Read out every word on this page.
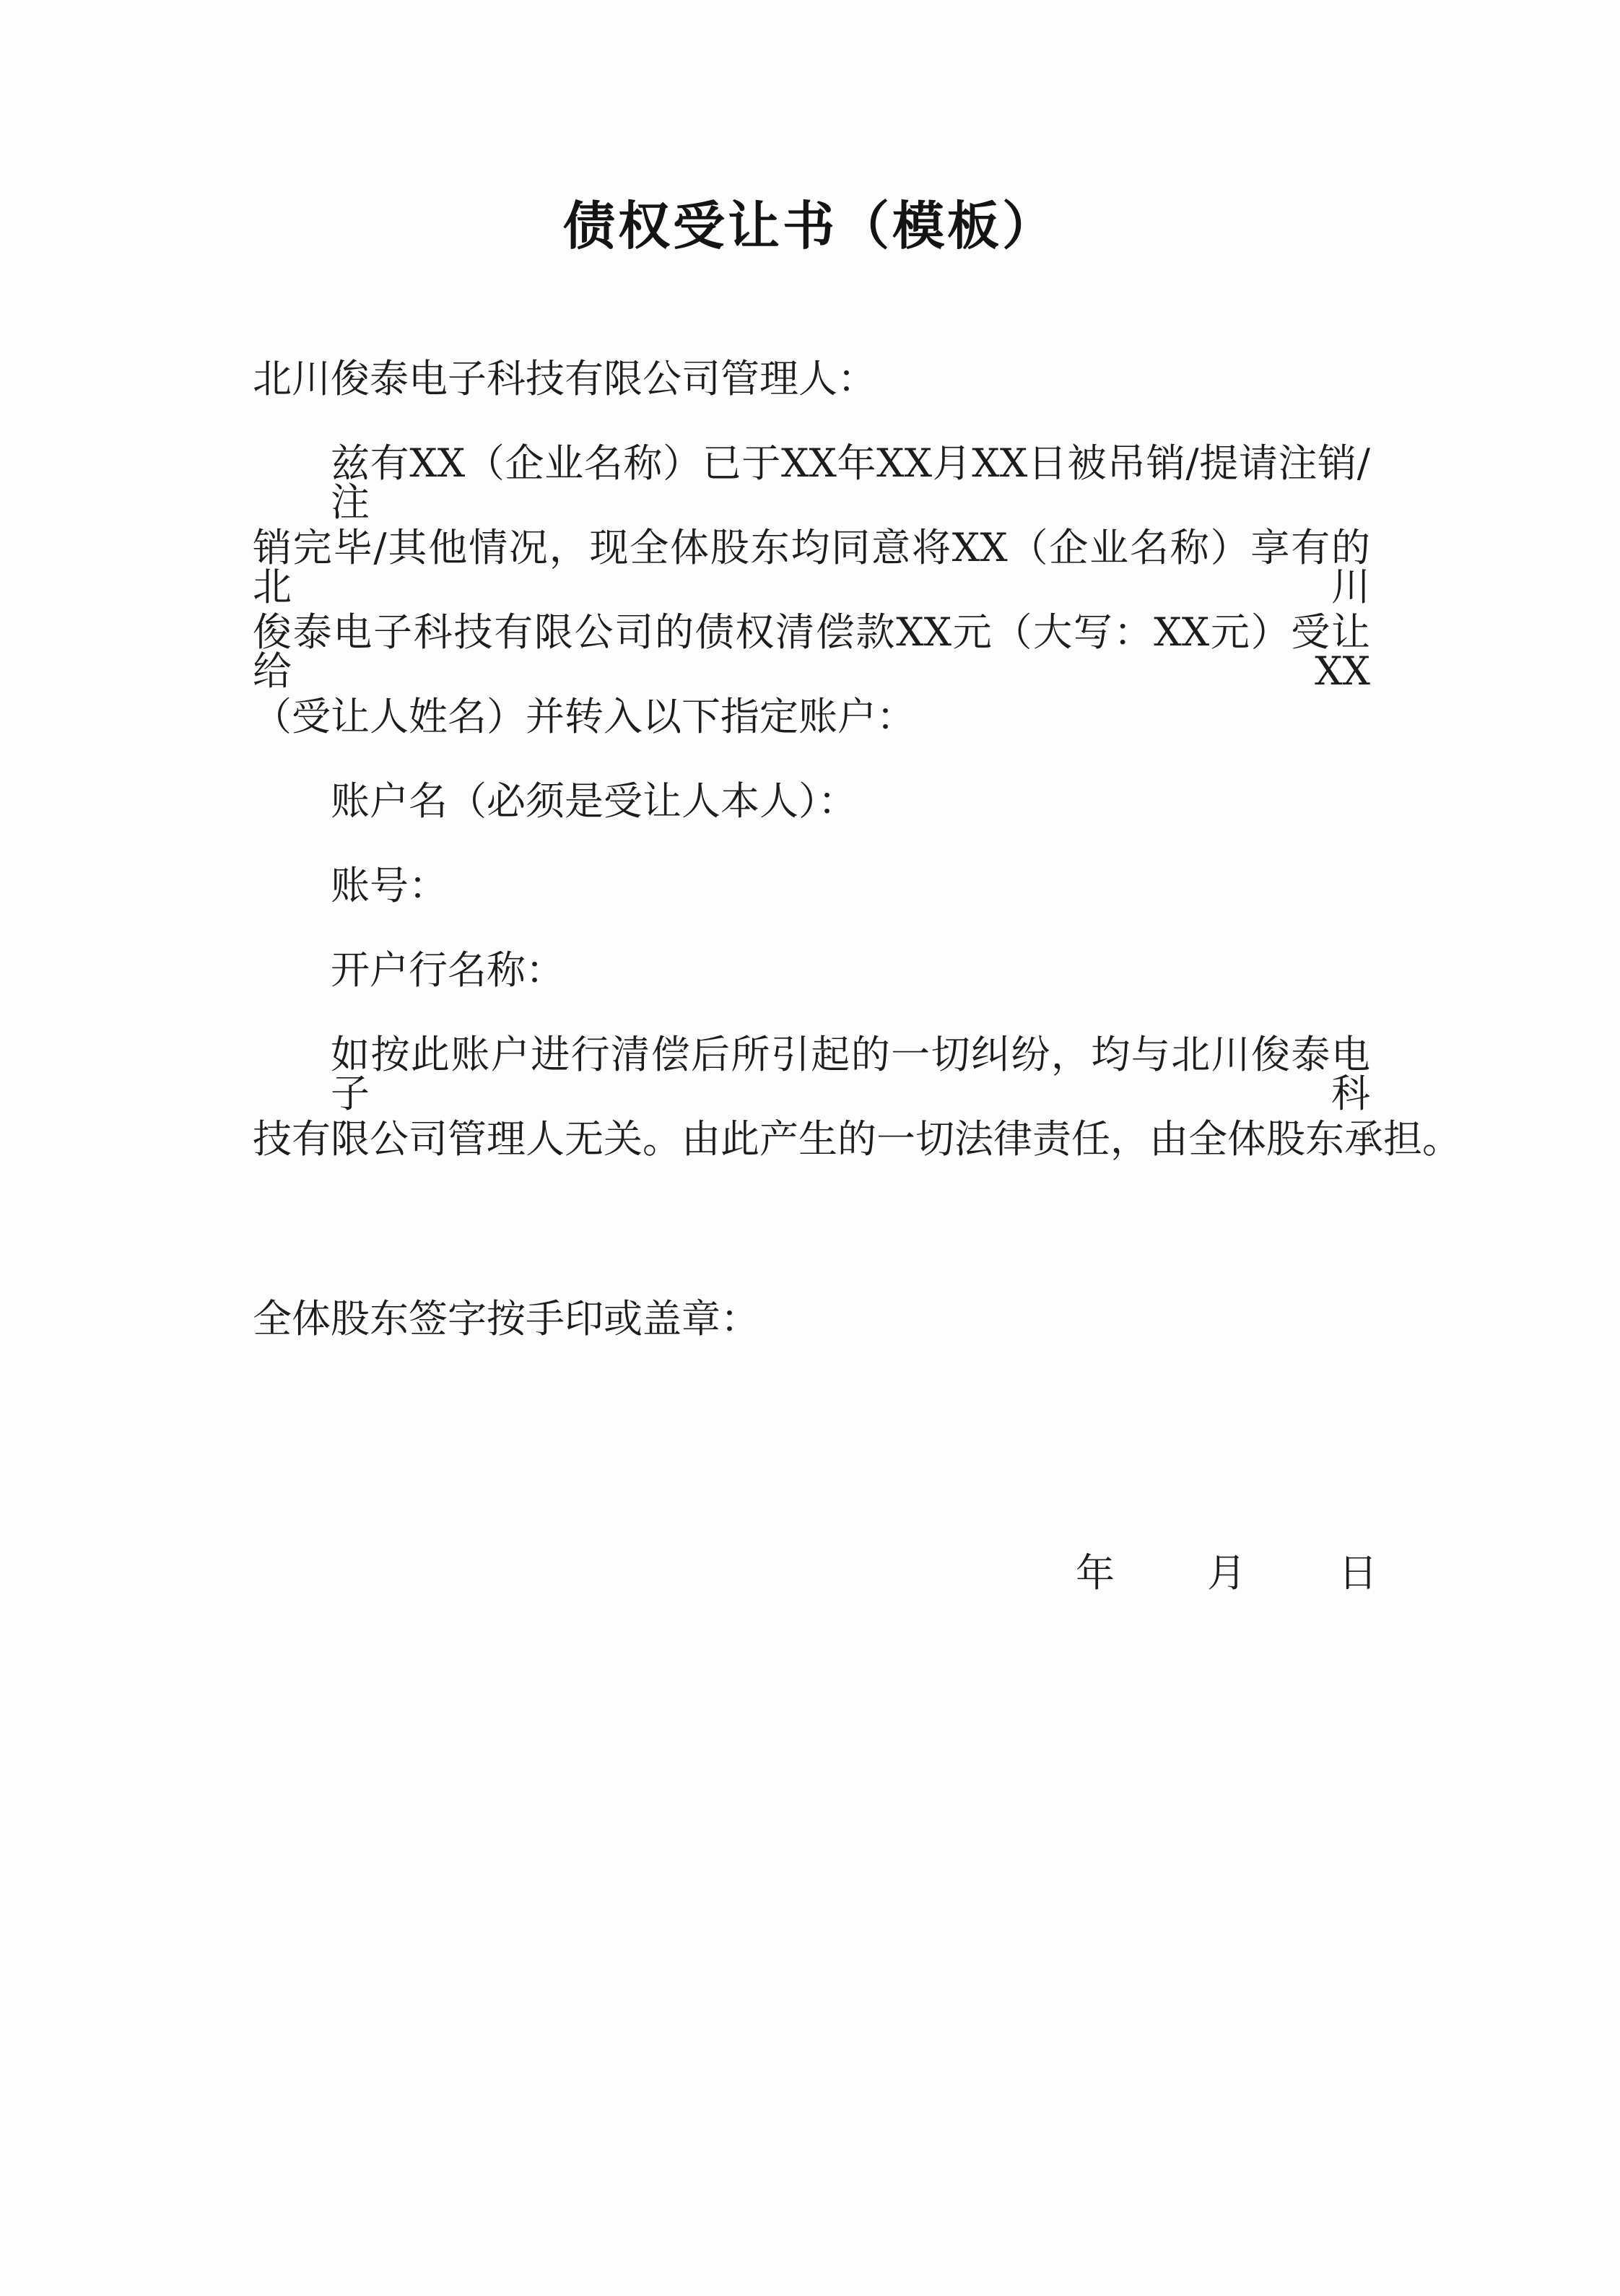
债权受让书（模板）
北川俊泰电子科技有限公司管理人：
兹有XX（企业名称）已于XX年XX月XX日被吊销/提请注销/注
销完毕/其他情况，现全体股东均同意将XX（企业名称）享有的北川
俊泰电子科技有限公司的债权清偿款XX元（大写：XX元）受让给XX
（受让人姓名）并转入以下指定账户：
账户名（必须是受让人本人）：
账号：
开户行名称：
如按此账户进行清偿后所引起的一切纠纷，均与北川俊泰电子科
技有限公司管理人无关。由此产生的一切法律责任，由全体股东承担。
全体股东签字按手印或盖章：
年 月 日
